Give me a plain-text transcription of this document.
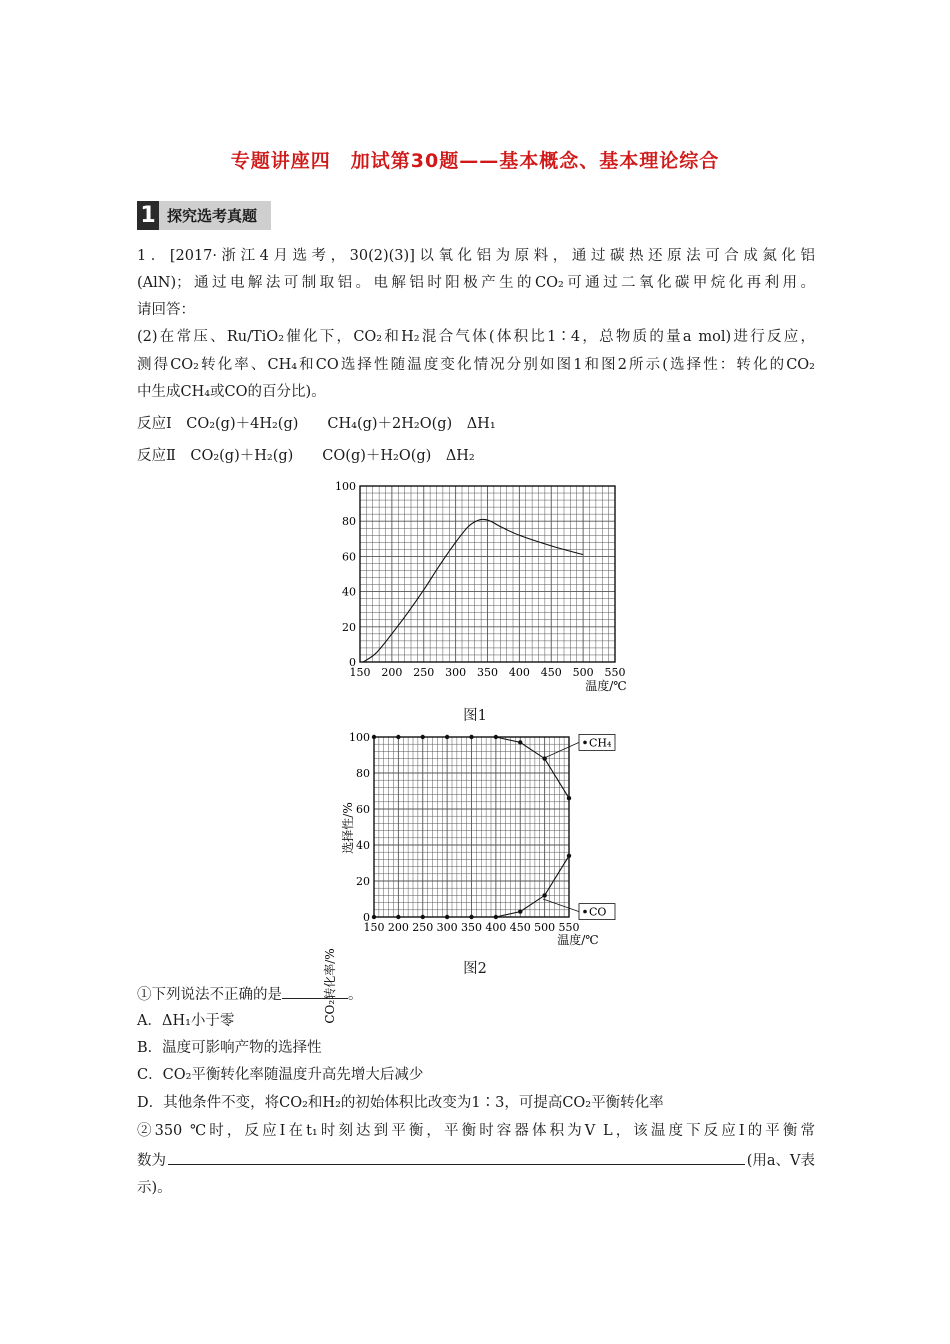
专题讲座四　加试第30题——基本概念、基本理论综合
1 探究选考真题
1．[2017·浙江4月选考，30(2)(3)]以氧化铝为原料，通过碳热还原法可合成氮化铝
(AlN)；通过电解法可制取铝。电解铝时阳极产生的CO₂可通过二氧化碳甲烷化再利用。
请回答：
(2)在常压、Ru/TiO₂催化下，CO₂和H₂混合气体(体积比1∶4，总物质的量a mol)进行反应，
测得CO₂转化率、CH₄和CO选择性随温度变化情况分别如图1和图2所示(选择性：转化的CO₂
中生成CH₄或CO的百分比)。
反应Ⅰ　CO₂(g)＋4H₂(g)　　CH₄(g)＋2H₂O(g)　ΔH₁
反应Ⅱ　CO₂(g)＋H₂(g)　　CO(g)＋H₂O(g)　ΔH₂
150 200 250 300 350 400 450 500 550
0
20
40
60
80
100
CO₂转化率/%
温度/℃
图1
150 200 250 300 350 400 450 500 550
0
20
40
60
80
100	CH₄
CO
选择性/%
温度/℃
图2
①下列说法不正确的是	。
A．ΔH₁小于零
B．温度可影响产物的选择性
C．CO₂平衡转化率随温度升高先增大后减少
D．其他条件不变，将CO₂和H₂的初始体积比改变为1∶3，可提高CO₂平衡转化率
②350 ℃时，反应Ⅰ在t₁时刻达到平衡，平衡时容器体积为V L，该温度下反应Ⅰ的平衡常
数为	(用a、V表
示)。
